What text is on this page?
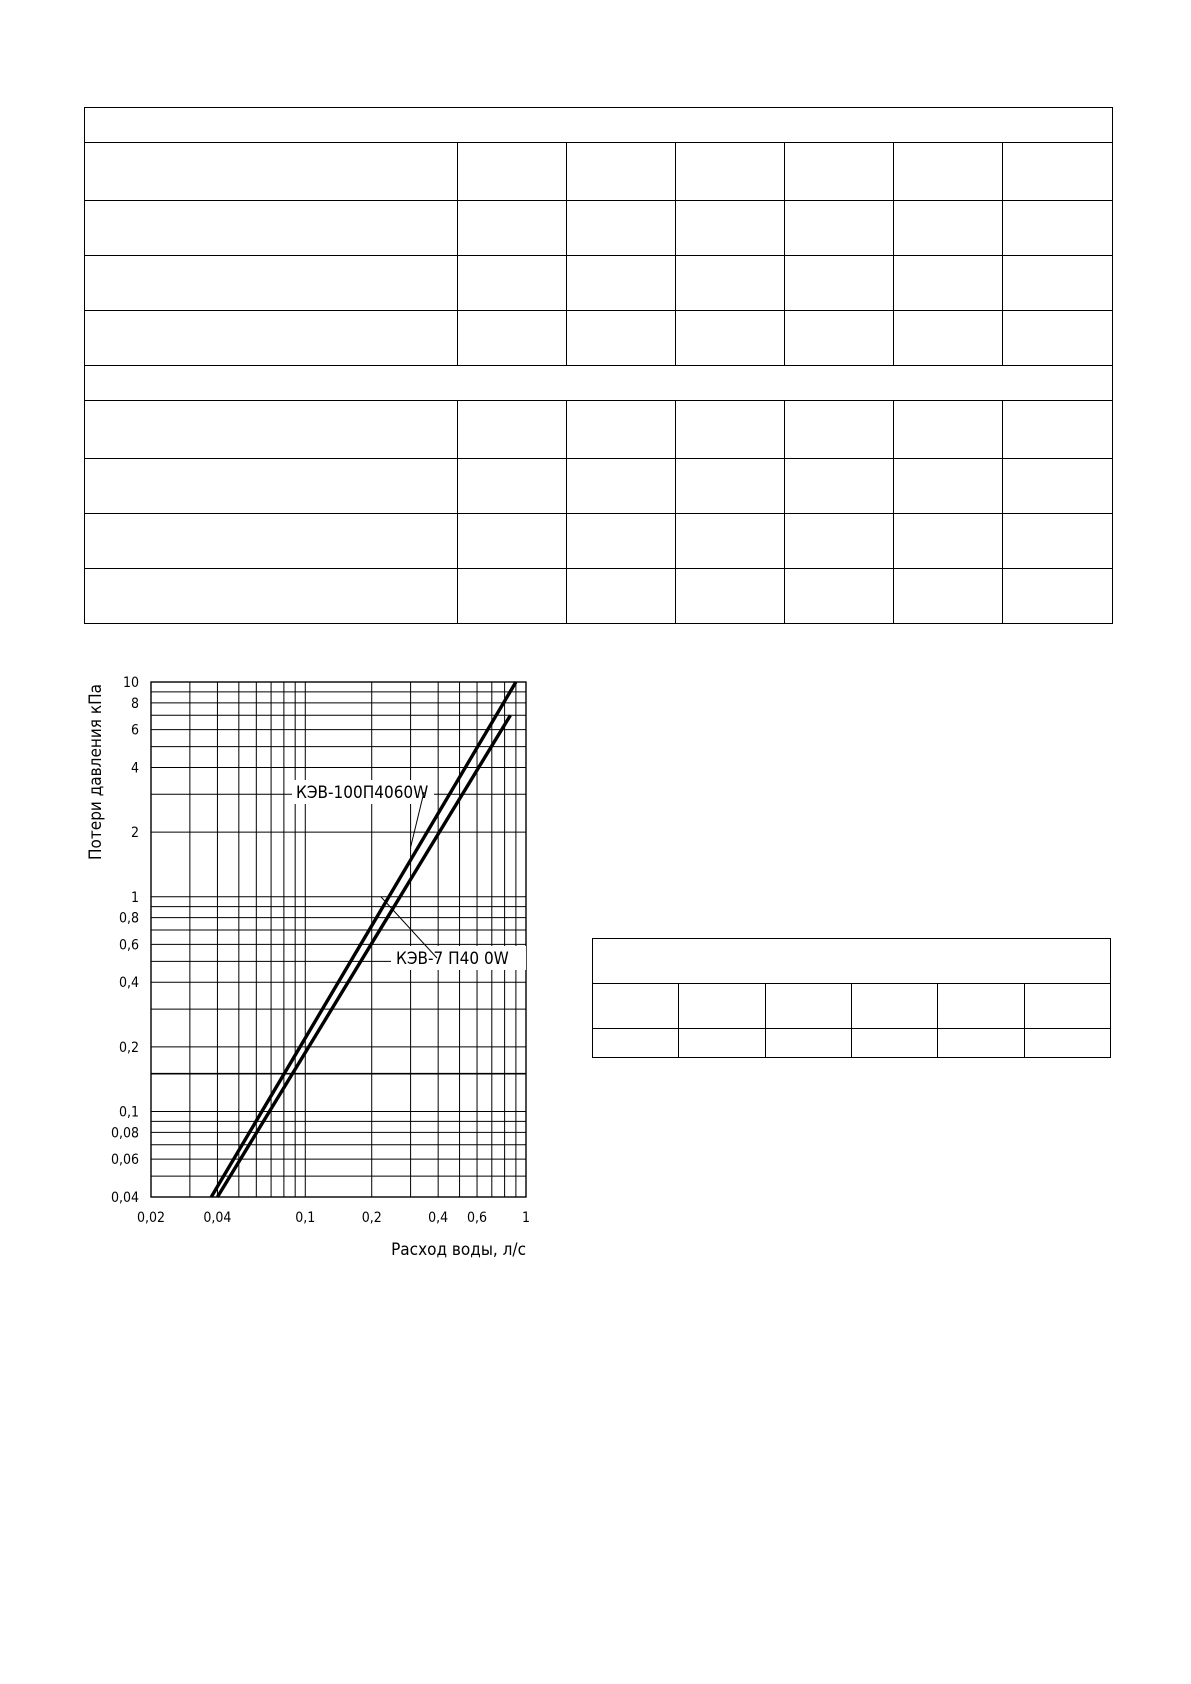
КЭВ-100П4060W
КЭВ-7 П40 0W
0,04
0,06
0,08
0,1
0,2
0,4
0,6
0,8
1
2
4
6
8
10
0,02	0,04	0,1	0,2	0,4 0,6 1
Расход воды, л/с
Потери давления кПа
